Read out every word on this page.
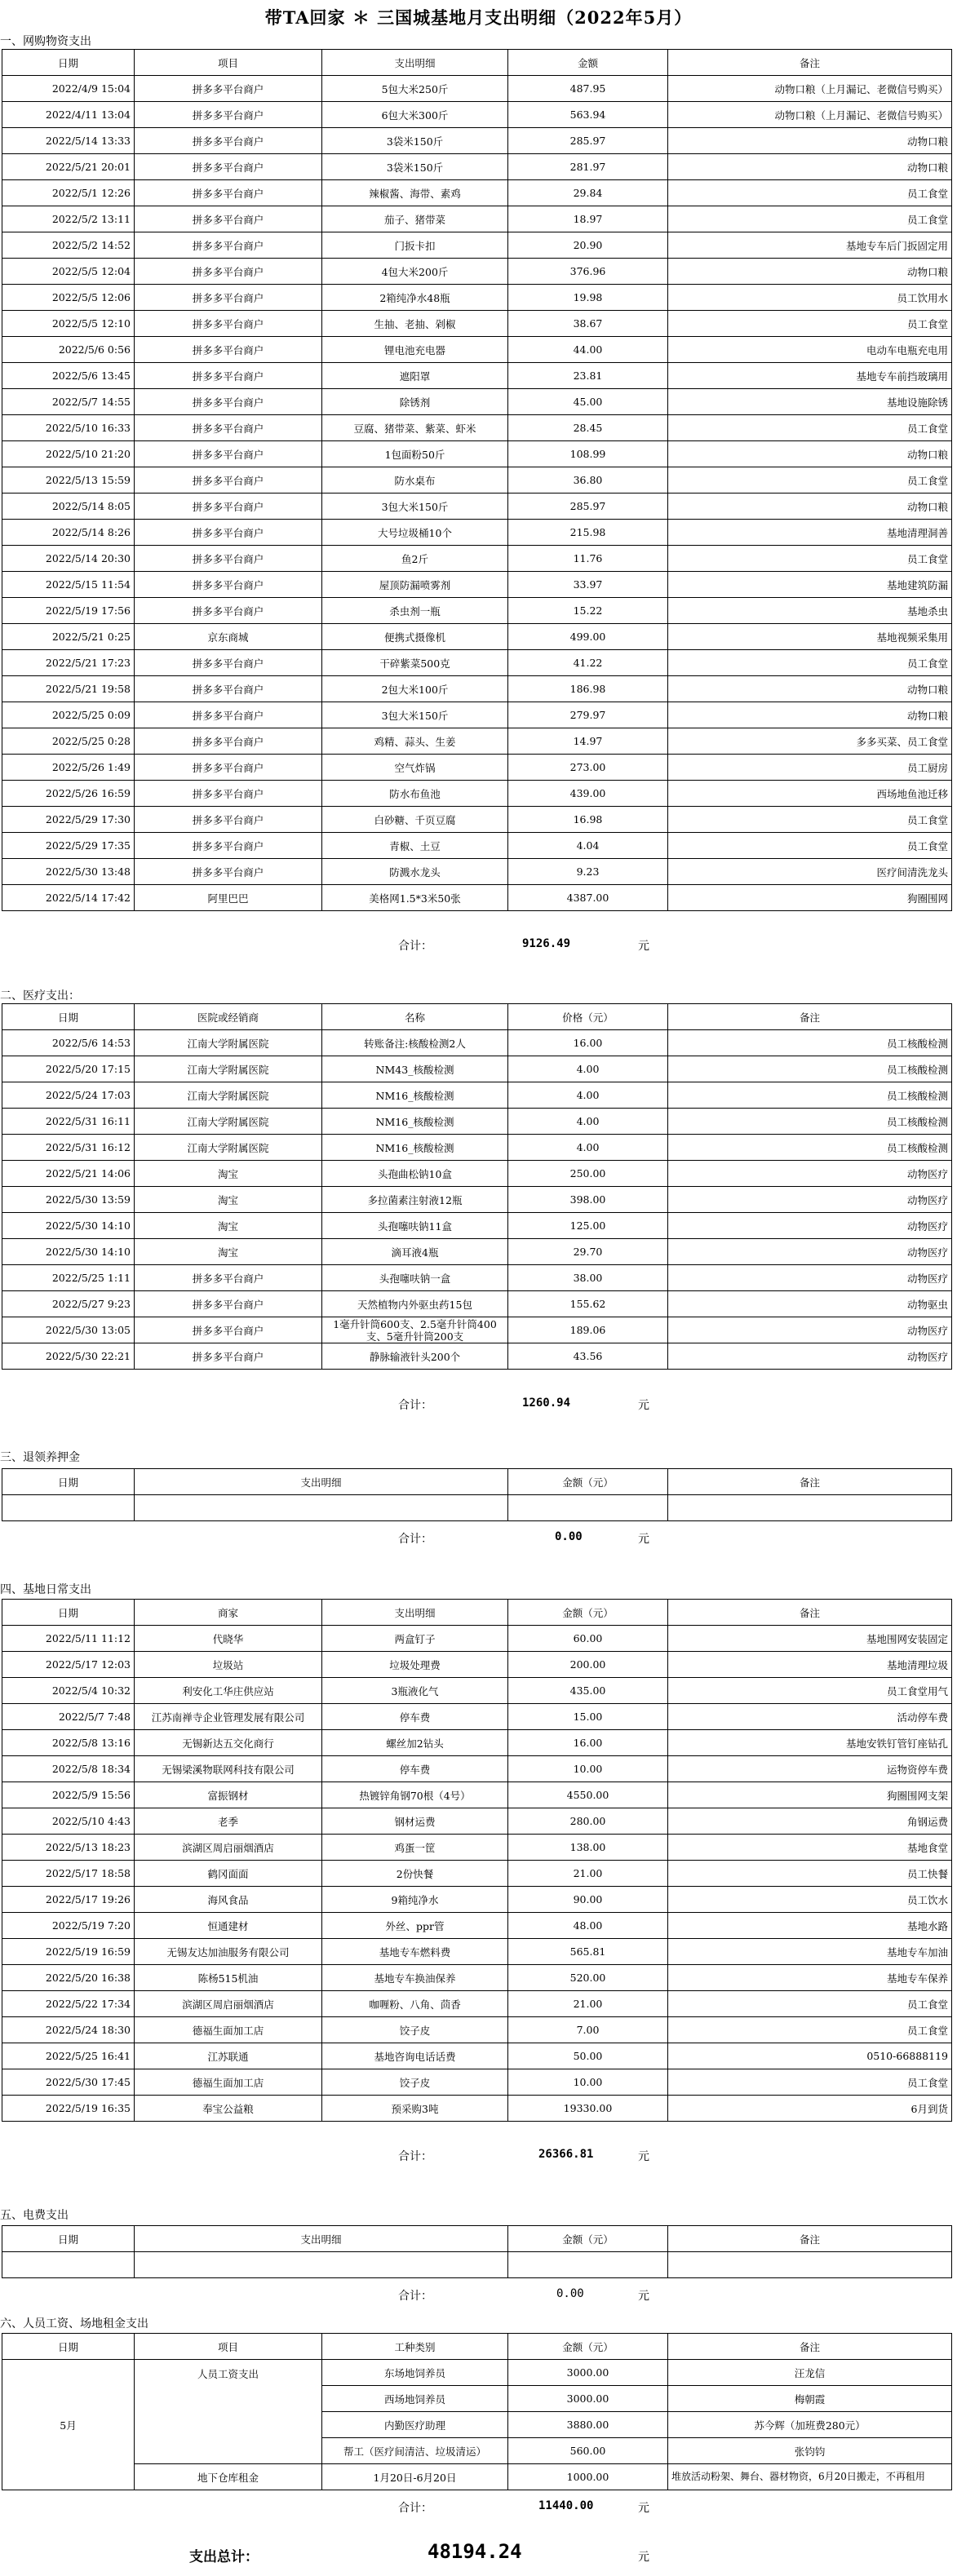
带TA回家 ＊ 三国城基地月支出明细（2022年5月）
一、网购物资支出
日期	项目	支出明细	金额	备注
2022/4/9 15:04	拼多多平台商户	5包大米250斤	487.95	动物口粮（上月漏记、老微信号购买）
2022/4/11 13:04	拼多多平台商户	6包大米300斤	563.94	动物口粮（上月漏记、老微信号购买）
2022/5/14 13:33	拼多多平台商户	3袋米150斤	285.97	动物口粮
2022/5/21 20:01	拼多多平台商户	3袋米150斤	281.97	动物口粮
2022/5/1 12:26	拼多多平台商户	辣椒酱、海带、素鸡	29.84	员工食堂
2022/5/2 13:11	拼多多平台商户	茄子、猪带菜	18.97	员工食堂
2022/5/2 14:52	拼多多平台商户	门扳卡扣	20.90	基地专车后门扳固定用
2022/5/5 12:04	拼多多平台商户	4包大米200斤	376.96	动物口粮
2022/5/5 12:06	拼多多平台商户	2箱纯净水48瓶	19.98	员工饮用水
2022/5/5 12:10	拼多多平台商户	生抽、老抽、剁椒	38.67	员工食堂
2022/5/6 0:56	拼多多平台商户	锂电池充电器	44.00	电动车电瓶充电用
2022/5/6 13:45	拼多多平台商户	遮阳罩	23.81	基地专车前挡玻璃用
2022/5/7 14:55	拼多多平台商户	除锈剂	45.00	基地设施除锈
2022/5/10 16:33	拼多多平台商户	豆腐、猪带菜、紫菜、虾米	28.45	员工食堂
2022/5/10 21:20	拼多多平台商户	1包面粉50斤	108.99	动物口粮
2022/5/13 15:59	拼多多平台商户	防水桌布	36.80	员工食堂
2022/5/14 8:05	拼多多平台商户	3包大米150斤	285.97	动物口粮
2022/5/14 8:26	拼多多平台商户	大号垃圾桶10个	215.98	基地清理洞善
2022/5/14 20:30	拼多多平台商户	鱼2斤	11.76	员工食堂
2022/5/15 11:54	拼多多平台商户	屋顶防漏喷雾剂	33.97	基地建筑防漏
2022/5/19 17:56	拼多多平台商户	杀虫剂一瓶	15.22	基地杀虫
2022/5/21 0:25	京东商城	便携式摄像机	499.00	基地视频采集用
2022/5/21 17:23	拼多多平台商户	干碎紫菜500克	41.22	员工食堂
2022/5/21 19:58	拼多多平台商户	2包大米100斤	186.98	动物口粮
2022/5/25 0:09	拼多多平台商户	3包大米150斤	279.97	动物口粮
2022/5/25 0:28	拼多多平台商户	鸡精、蒜头、生姜	14.97	多多买菜、员工食堂
2022/5/26 1:49	拼多多平台商户	空气炸锅	273.00	员工厨房
2022/5/26 16:59	拼多多平台商户	防水布鱼池	439.00	西场地鱼池迁移
2022/5/29 17:30	拼多多平台商户	白砂糖、千页豆腐	16.98	员工食堂
2022/5/29 17:35	拼多多平台商户	青椒、土豆	4.04	员工食堂
2022/5/30 13:48	拼多多平台商户	防溅水龙头	9.23	医疗间清洗龙头
2022/5/14 17:42	阿里巴巴	美格网1.5*3米50张	4387.00	狗圈围网
合计：	9126.49	元
二、医疗支出：
日期	医院或经销商	名称	价格（元）	备注
2022/5/6 14:53	江南大学附属医院	转账备注:核酸检测2人	16.00	员工核酸检测
2022/5/20 17:15	江南大学附属医院	NM43_核酸检测	4.00	员工核酸检测
2022/5/24 17:03	江南大学附属医院	NM16_核酸检测	4.00	员工核酸检测
2022/5/31 16:11	江南大学附属医院	NM16_核酸检测	4.00	员工核酸检测
2022/5/31 16:12	江南大学附属医院	NM16_核酸检测	4.00	员工核酸检测
2022/5/21 14:06	淘宝	头孢曲松钠10盒	250.00	动物医疗
2022/5/30 13:59	淘宝	多拉菌素注射液12瓶	398.00	动物医疗
2022/5/30 14:10	淘宝	头孢噻呋钠11盒	125.00	动物医疗
2022/5/30 14:10	淘宝	滴耳液4瓶	29.70	动物医疗
2022/5/25 1:11	拼多多平台商户	头孢噻呋钠一盒	38.00	动物医疗
2022/5/27 9:23	拼多多平台商户	天然植物内外驱虫药15包	155.62	动物驱虫
2022/5/30 13:05	拼多多平台商户	1毫升针筒600支、2.5毫升针筒400支、5毫升针筒200支	189.06	动物医疗
2022/5/30 22:21	拼多多平台商户	静脉输液针头200个	43.56	动物医疗
合计：	1260.94	元
三、退领养押金
日期	支出明细	金额（元）	备注

合计：	0.00	元
四、基地日常支出
日期	商家	支出明细	金额（元）	备注
2022/5/11 11:12	代晓华	两盒钉子	60.00	基地围网安装固定
2022/5/17 12:03	垃圾站	垃圾处理费	200.00	基地清理垃圾
2022/5/4 10:32	利安化工华庄供应站	3瓶液化气	435.00	员工食堂用气
2022/5/7 7:48	江苏南禅寺企业管理发展有限公司	停车费	15.00	活动停车费
2022/5/8 13:16	无锡新达五交化商行	螺丝加2钻头	16.00	基地安铁钉管钉座钻孔
2022/5/8 18:34	无锡梁溪物联网科技有限公司	停车费	10.00	运物资停车费
2022/5/9 15:56	富振钢材	热镀锌角钢70根（4号）	4550.00	狗圈围网支架
2022/5/10 4:43	老季	钢材运费	280.00	角钢运费
2022/5/13 18:23	滨湖区周启丽烟酒店	鸡蛋一筐	138.00	基地食堂
2022/5/17 18:58	鹤冈面面	2份快餐	21.00	员工快餐
2022/5/17 19:26	海风食品	9箱纯净水	90.00	员工饮水
2022/5/19 7:20	恒通建材	外丝、ppr管	48.00	基地水路
2022/5/19 16:59	无锡友达加油服务有限公司	基地专车燃料费	565.81	基地专车加油
2022/5/20 16:38	陈杨515机油	基地专车换油保养	520.00	基地专车保养
2022/5/22 17:34	滨湖区周启丽烟酒店	咖喱粉、八角、茴香	21.00	员工食堂
2022/5/24 18:30	德福生面加工店	饺子皮	7.00	员工食堂
2022/5/25 16:41	江苏联通	基地咨询电话话费	50.00	0510-66888119
2022/5/30 17:45	德福生面加工店	饺子皮	10.00	员工食堂
2022/5/19 16:35	奉宝公益粮	预采购3吨	19330.00	6月到货
合计：	26366.81	元
五、电费支出
日期	支出明细	金额（元）	备注

合计：	0.00	元
六、人员工资、场地租金支出
日期	项目	工种类别	金额（元）	备注
5月	人员工资支出	东场地饲养员	3000.00	汪龙信
		西场地饲养员	3000.00	梅朝霞
		内勤医疗助理	3880.00	苏今辉（加班费280元）
		帮工（医疗间清洁、垃圾清运）	560.00	张钧钧
	地下仓库租金	1月20日-6月20日	1000.00	堆放活动粉架、舞台、器材物资，6月20日搬走，不再租用
合计：	11440.00	元
支出总计：	48194.24	元
